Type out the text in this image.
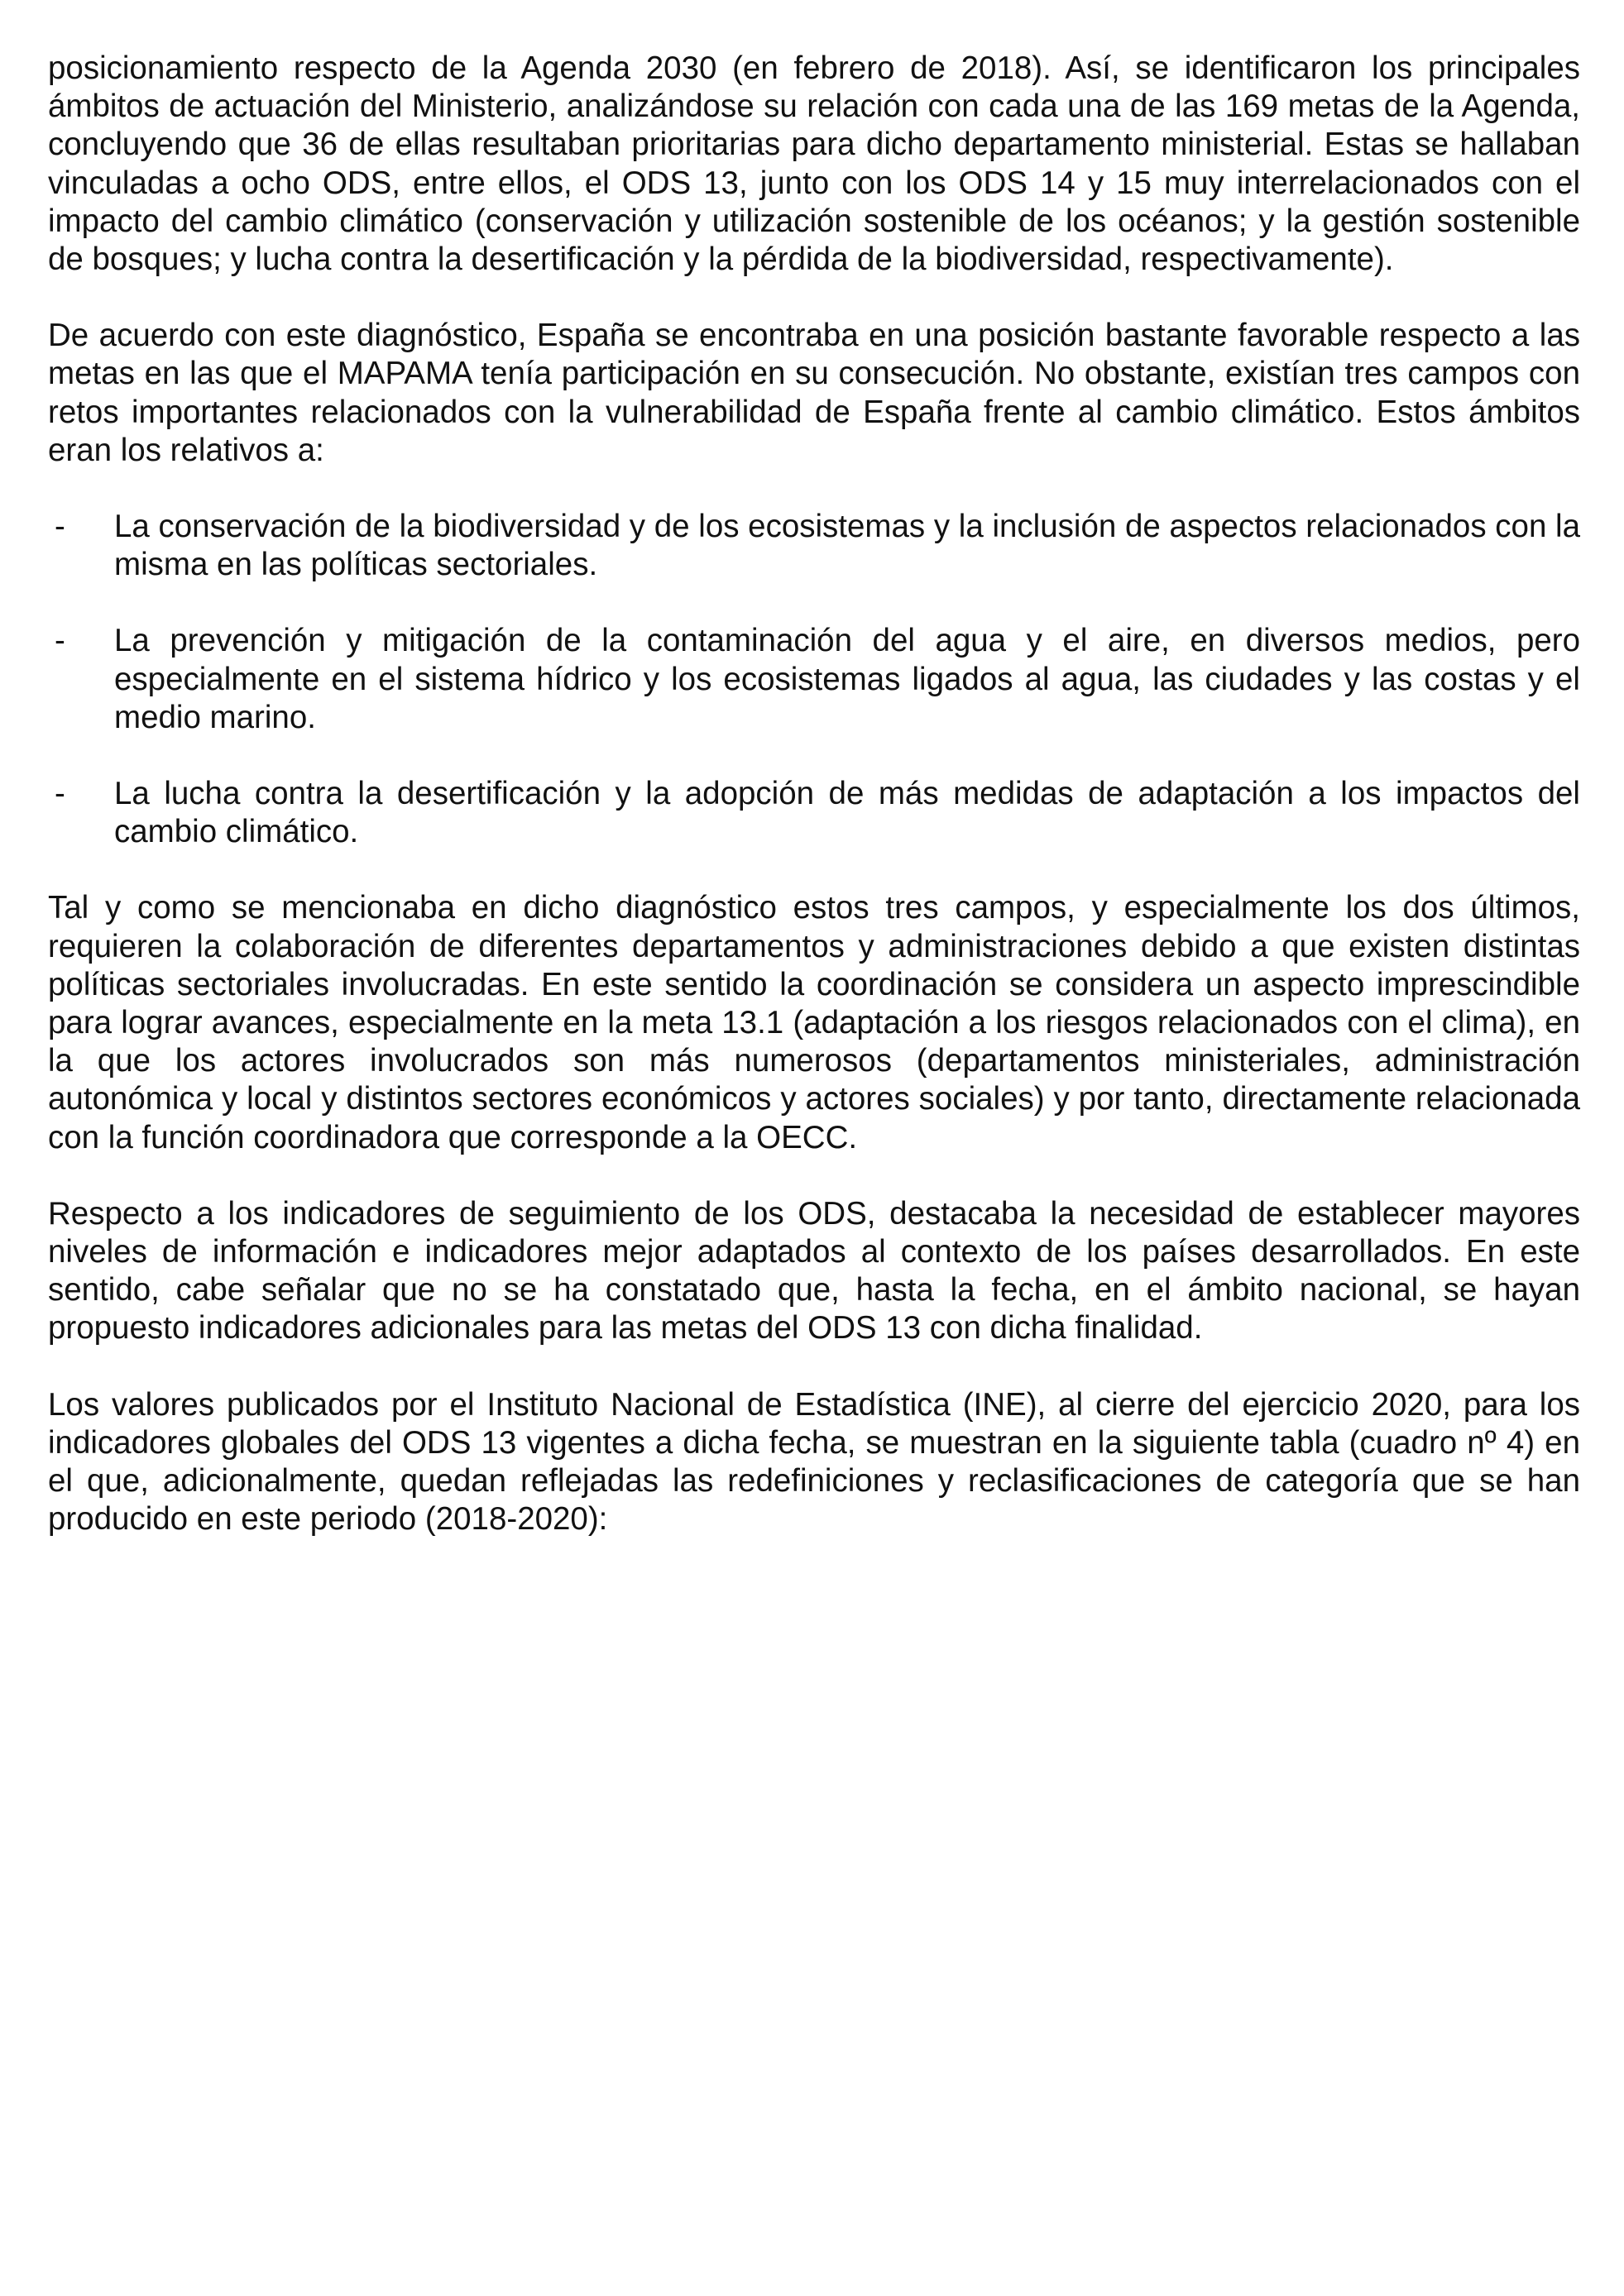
posicionamiento respecto de la Agenda 2030 (en febrero de 2018). Así, se identificaron los principales ámbitos de actuación del Ministerio, analizándose su relación con cada una de las 169 metas de la Agenda, concluyendo que 36 de ellas resultaban prioritarias para dicho departamento ministerial. Estas se hallaban vinculadas a ocho ODS, entre ellos, el ODS 13, junto con los ODS 14 y 15 muy interrelacionados con el impacto del cambio climático (conservación y utilización sostenible de los océanos; y la gestión sostenible de bosques; y lucha contra la desertificación y la pérdida de la biodiversidad, respectivamente).

De acuerdo con este diagnóstico, España se encontraba en una posición bastante favorable respecto a las metas en las que el MAPAMA tenía participación en su consecución. No obstante, existían tres campos con retos importantes relacionados con la vulnerabilidad de España frente al cambio climático. Estos ámbitos eran los relativos a:

-	La conservación de la biodiversidad y de los ecosistemas y la inclusión de aspectos relacionados con la misma en las políticas sectoriales.
-	La prevención y mitigación de la contaminación del agua y el aire, en diversos medios, pero especialmente en el sistema hídrico y los ecosistemas ligados al agua, las ciudades y las costas y el medio marino.
-	La lucha contra la desertificación y la adopción de más medidas de adaptación a los impactos del cambio climático.

Tal y como se mencionaba en dicho diagnóstico estos tres campos, y especialmente los dos últimos, requieren la colaboración de diferentes departamentos y administraciones debido a que existen distintas políticas sectoriales involucradas. En este sentido la coordinación se considera un aspecto imprescindible para lograr avances, especialmente en la meta 13.1 (adaptación a los riesgos relacionados con el clima), en la que los actores involucrados son más numerosos (departamentos ministeriales, administración autonómica y local y distintos sectores económicos y actores sociales) y por tanto, directamente relacionada con la función coordinadora que corresponde a la OECC.

Respecto a los indicadores de seguimiento de los ODS, destacaba la necesidad de establecer mayores niveles de información e indicadores mejor adaptados al contexto de los países desarrollados. En este sentido, cabe señalar que no se ha constatado que, hasta la fecha, en el ámbito nacional, se hayan propuesto indicadores adicionales para las metas del ODS 13 con dicha finalidad.

Los valores publicados por el Instituto Nacional de Estadística (INE), al cierre del ejercicio 2020, para los indicadores globales del ODS 13 vigentes a dicha fecha, se muestran en la siguiente tabla (cuadro nº 4) en el que, adicionalmente, quedan reflejadas las redefiniciones y reclasificaciones de categoría que se han producido en este periodo (2018-2020):
